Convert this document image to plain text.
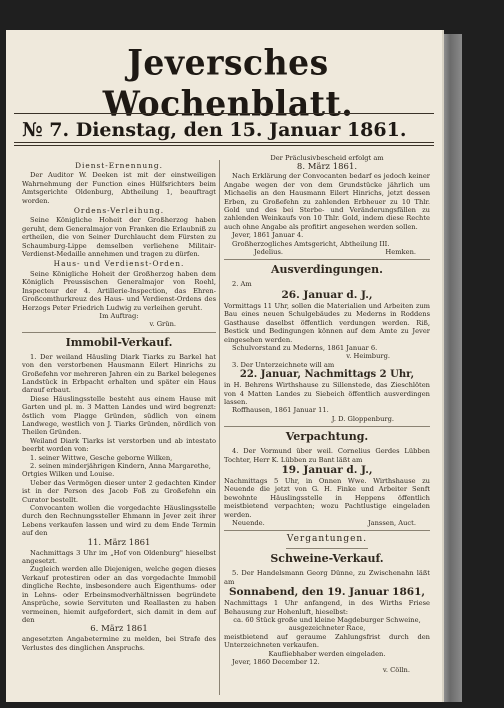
Jeversches Wochenblatt.
№ 7. Dienstag, den 15. Januar 1861.

Dienst-Ernennung.

Der Auditor W. Deeken ist mit der einstweiligen Wahrnehmung der Function eines Hülfsrichters beim Amtsgerichte Oldenburg, Abtheilung 1, beauftragt worden.

Ordens-Verleihung.

Seine Königliche Hoheit der Großherzog haben geruht, dem Generalmajor von Franken die Erlaubniß zu ertheilen, die von Seiner Durchlaucht dem Fürsten zu Schaumburg-Lippe demselben verliehene Militair-Verdienst-Medaille annehmen und tragen zu dürfen.

Haus- und Verdienst-Orden.

Seine Königliche Hoheit der Großherzog haben dem Königlich Preussischen Generalmajor von Roehl, Inspecteur der 4. Artillerie-Inspection, das Ehren-Großcomthurkreuz des Haus- und Verdienst-Ordens des Herzogs Peter Friedrich Ludwig zu verleihen geruht.

Im Auftrag:

v. Grün.

Immobil-Verkauf.

1. Der weiland Häusling Diark Tiarks zu Barkel hat von den verstorbenen Hausmann Eilert Hinrichs zu Großefehn vor mehreren Jahren ein zu Barkel belegenes Landstück in Erbpacht erhalten und später ein Haus darauf erbaut.

Diese Häuslingsstelle besteht aus einem Hause mit Garten und pl. m. 3 Matten Landes und wird begrenzt: östlich vom Plagge Gründen, südlich von einem Landwege, westlich von J. Tiarks Gründen, nördlich von Theilen Gründen.

Weiland Diark Tiarks ist verstorben und ab intestato beerbt worden von:

1. seiner Wittwe, Gesche geborne Wilken,

2. seinen minderjährigen Kindern, Anna Margarethe, Ortgies Wilken und Louise.

Ueber das Vermögen dieser unter 2 gedachten Kinder ist in der Person des Jacob Foß zu Großefehn ein Curator bestellt.

Convocanten wollen die vorgedachte Häuslingsstelle durch den Rechnungssteller Ehmann in Jever zeit ihrer Lebens verkaufen lassen und wird zu dem Ende Termin auf den

11. März 1861

Nachmittags 3 Uhr im „Hof von Oldenburg" hieselbst angesetzt.

Zugleich werden alle Diejenigen, welche gegen dieses Verkauf protestiren oder an das vorgedachte Immobil dingliche Rechte, insbesondere auch Eigenthums- oder in Lehns- oder Erbeinsmodverhältnissen begründete Ansprüche, sowie Servituten und Reallasten zu haben vermeinen, hiemit aufgefordert, sich damit in dem auf den

6. März 1861

angesetzten Angabetermine zu melden, bei Strafe des Verlustes des dinglichen Anspruchs.

Der Präclusivbescheid erfolgt am

8. März 1861.

Nach Erklärung der Convocanten bedarf es jedoch keiner Angabe wegen der von dem Grundstücke jährlich um Michaelis an den Hausmann Eilert Hinrichs, jetzt dessen Erben, zu Großefehn zu zahlenden Erbheuer zu 10 Thlr. Gold und des bei Sterbe- und Veränderungsfällen zu zahlenden Weinkaufs von 10 Thlr. Gold, indem diese Rechte auch ohne Angabe als profitirt angesehen werden sollen.

Jever, 1861 Januar 4.

Großherzogliches Amtsgericht, Abtheilung III.

Jedelius.	Hemken.

Ausverdingungen.

2. Am

26. Januar d. J.,

Vormittags 11 Uhr, sollen die Materialien und Arbeiten zum Bau eines neuen Schulgebäudes zu Mederns in Roddens Gasthause daselbst öffentlich verdungen werden. Riß, Bestick und Bedingungen können auf dem Amte zu Jever eingesehen werden.

Schulvorstand zu Mederns, 1861 Januar 6.

v. Heimburg.

3. Der Unterzeichnete will am

22. Januar, Nachmittags 2 Uhr,

in H. Behrens Wirthshause zu Sillenstede, das Zieschlöten von 4 Matten Landes zu Siebeich öffentlich ausverdingen lassen.

Roffhausen, 1861 Januar 11.

J. D. Gloppenburg.

Verpachtung.

4. Der Vormund über weil. Cornelius Gerdes Lübben Tochter, Herr K. Lübben zu Bant läßt am

19. Januar d. J.,

Nachmittags 5 Uhr, in Onnen Wwe. Wirthshause zu Neuende die jetzt von G. H. Finke und Arbeiter Senft bewohnte Häuslingsstelle in Heppens öffentlich meistbietend verpachten; wozu Pachtlustige eingeladen werden.

Neuende.	Janssen, Auct.

Vergantungen.

Schweine-Verkauf.

5. Der Handelsmann Georg Dünne, zu Zwischenahn läßt am

Sonnabend, den 19. Januar 1861,

Nachmittags 1 Uhr anfangend, in des Wirths Friese Behausung zur Hohenluft, hieselbst:

ca. 60 Stück große und kleine Magdeburger Schweine, ausgezeichneter Race,

meistbietend auf geraume Zahlungsfrist durch den Unterzeichneten verkaufen.

Kaufliebhaber werden eingeladen.

Jever, 1860 December 12.

v. Cölln.
